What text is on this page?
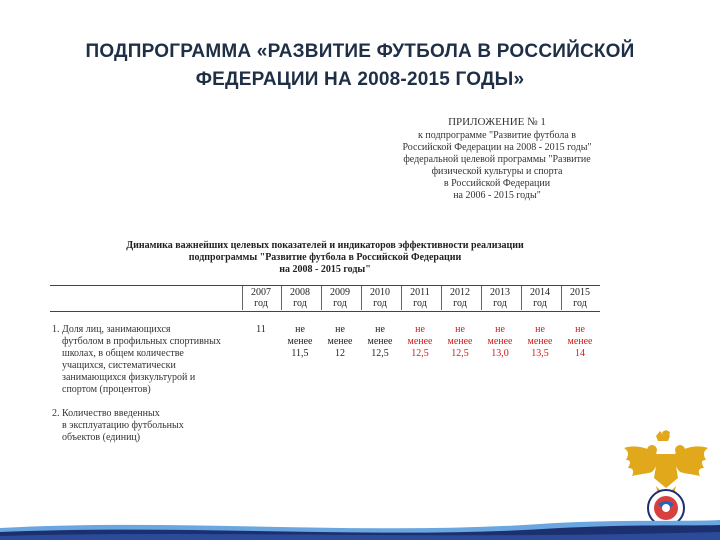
ПОДПРОГРАММА «РАЗВИТИЕ ФУТБОЛА В РОССИЙСКОЙ
ФЕДЕРАЦИИ НА 2008-2015 ГОДЫ»
ПРИЛОЖЕНИЕ № 1
к подпрограмме "Развитие футбола в
Российской Федерации на 2008 - 2015 годы"
федеральной целевой программы "Развитие
физической культуры и спорта
в Российской Федерации
на 2006 - 2015 годы"
Динамика важнейших целевых показателей и индикаторов эффективности реализации
подпрограммы "Развитие футбола в Российской Федерации
на 2008 - 2015 годы"
2007
год
2008
год
2009
год
2010
год
2011
год
2012
год
2013
год
2014
год
2015
год
11	не
менее
11,5
не
менее
12
не
менее
12,5
не
менее
12,5
не
менее
12,5
не
менее
13,0
не
менее
13,5
не
менее
14
1. Доля лиц, занимающихся
футболом в профильных спортивных
школах, в общем количестве
учащихся, систематически
занимающихся физкультурой и
спортом (процентов)
2. Количество введенных
в эксплуатацию футбольных
объектов (единиц)
